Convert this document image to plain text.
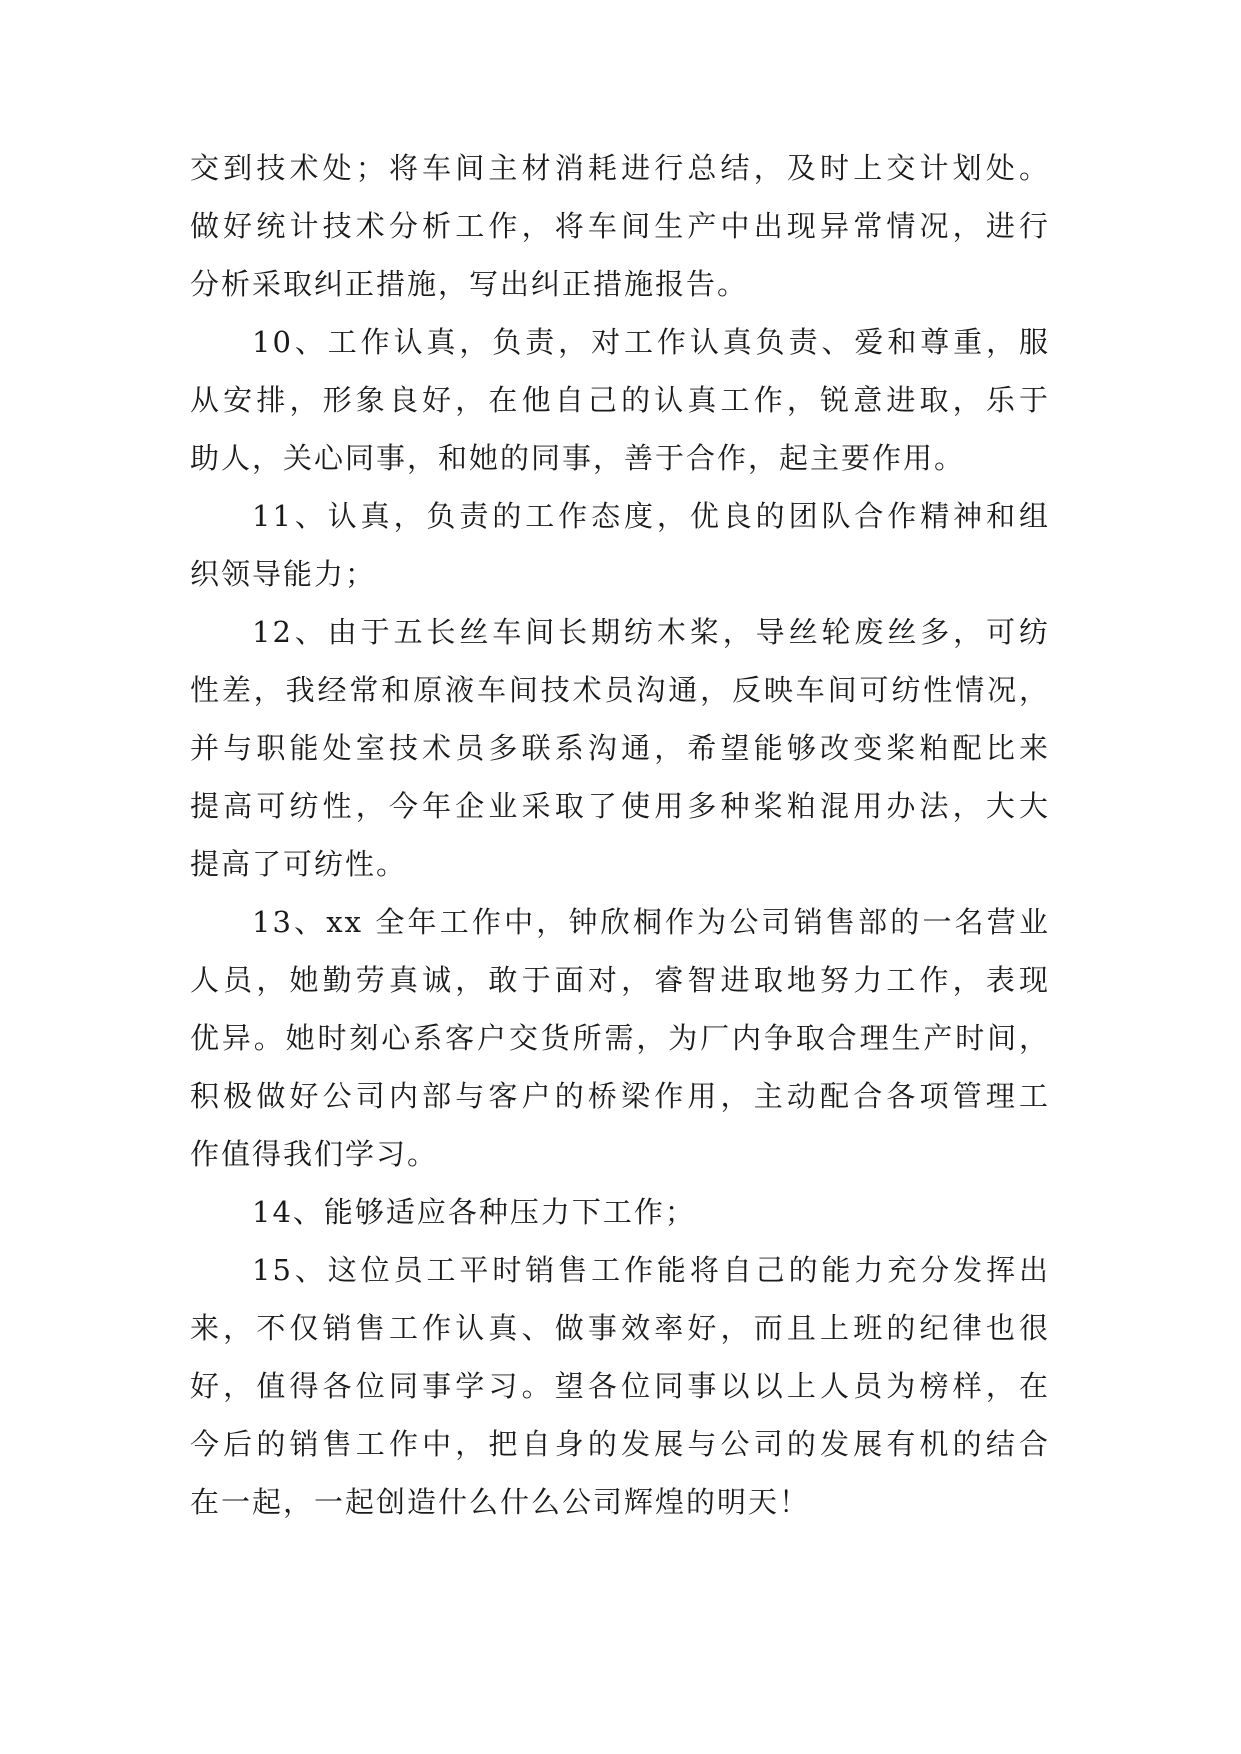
交到技术处；将车间主材消耗进行总结，及时上交计划处。
做好统计技术分析工作，将车间生产中出现异常情况，进行
分析采取纠正措施，写出纠正措施报告。
10、工作认真，负责，对工作认真负责、爱和尊重，服
从安排，形象良好，在他自己的认真工作，锐意进取，乐于
助人，关心同事，和她的同事，善于合作，起主要作用。
11、认真，负责的工作态度，优良的团队合作精神和组
织领导能力；
12、由于五长丝车间长期纺木桨，导丝轮废丝多，可纺
性差，我经常和原液车间技术员沟通，反映车间可纺性情况，
并与职能处室技术员多联系沟通，希望能够改变桨粕配比来
提高可纺性，今年企业采取了使用多种桨粕混用办法，大大
提高了可纺性。
13、xx 全年工作中，钟欣桐作为公司销售部的一名营业
人员，她勤劳真诚，敢于面对，睿智进取地努力工作，表现
优异。她时刻心系客户交货所需，为厂内争取合理生产时间，
积极做好公司内部与客户的桥梁作用，主动配合各项管理工
作值得我们学习。
14、能够适应各种压力下工作；
15、这位员工平时销售工作能将自己的能力充分发挥出
来，不仅销售工作认真、做事效率好，而且上班的纪律也很
好，值得各位同事学习。望各位同事以以上人员为榜样，在
今后的销售工作中，把自身的发展与公司的发展有机的结合
在一起，一起创造什么什么公司辉煌的明天！
